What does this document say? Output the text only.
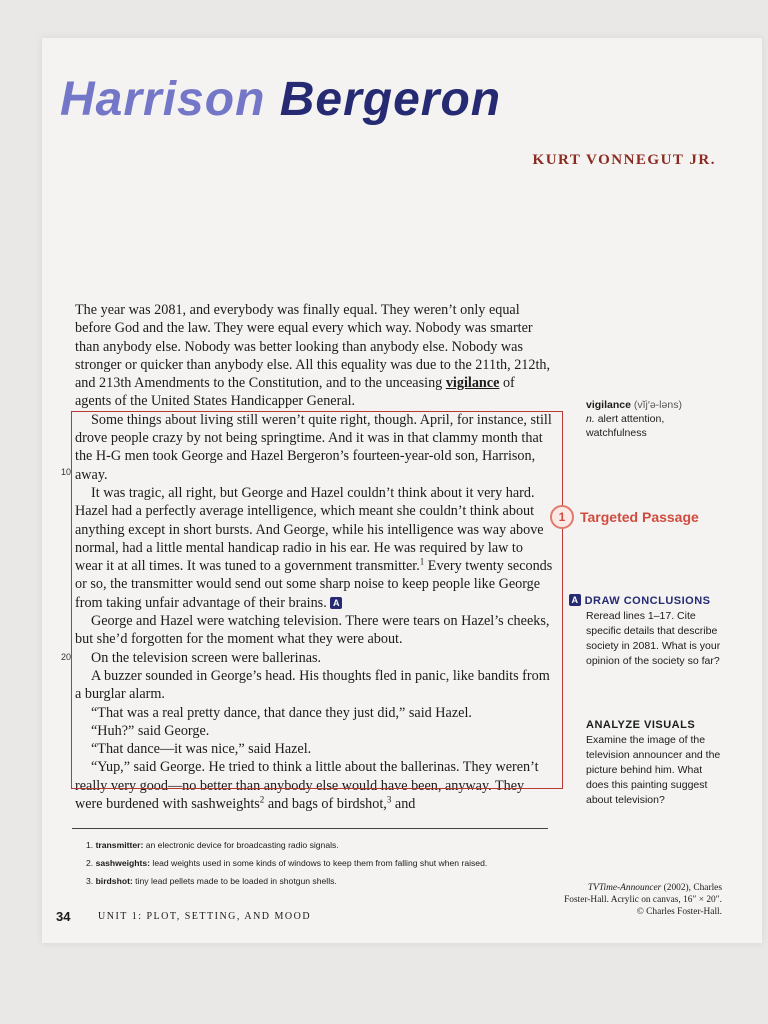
Harrison Bergeron
KURT VONNEGUT JR.

The year was 2081, and everybody was finally equal. They weren’t only equal before God and the law. They were equal every which way. Nobody was smarter than anybody else. Nobody was better looking than anybody else. Nobody was stronger or quicker than anybody else. All this equality was due to the 211th, 212th, and 213th Amendments to the Constitution, and to the unceasing vigilance of agents of the United States Handicapper General.

Some things about living still weren’t quite right, though. April, for instance, still drove people crazy by not being springtime. And it was in that clammy month that the H-G men took George and Hazel Bergeron’s fourteen-year-old son, Harrison, away.

It was tragic, all right, but George and Hazel couldn’t think about it very hard. Hazel had a perfectly average intelligence, which meant she couldn’t think about anything except in short bursts. And George, while his intelligence was way above normal, had a little mental handicap radio in his ear. He was required by law to wear it at all times. It was tuned to a government transmitter.$^1$ Every twenty seconds or so, the transmitter would send out some sharp noise to keep people like George from taking unfair advantage of their brains. A

George and Hazel were watching television. There were tears on Hazel’s cheeks, but she’d forgotten for the moment what they were about.

On the television screen were ballerinas.

A buzzer sounded in George’s head. His thoughts fled in panic, like bandits from a burglar alarm.

“That was a real pretty dance, that dance they just did,” said Hazel.

“Huh?” said George.

“That dance—it was nice,” said Hazel.

“Yup,” said George. He tried to think a little about the ballerinas. They weren’t really very good—no better than anybody else would have been, anyway. They were burdened with sashweights$^2$ and bags of birdshot,$^3$ and

10
20
vigilance (vĭj′ə-ləns)
n. alert attention, watchfulness
1	Targeted Passage
A DRAW CONCLUSIONS
Reread lines 1–17. Cite specific details that describe society in 2081. What is your opinion of the society so far?
ANALYZE VISUALS
Examine the image of the television announcer and the picture behind him. What does this painting suggest about television?
1. transmitter: an electronic device for broadcasting radio signals.
2. sashweights: lead weights used in some kinds of windows to keep them from falling shut when raised.
3. birdshot: tiny lead pellets made to be loaded in shotgun shells.
TVTime-Announcer (2002), Charles
Foster-Hall. Acrylic on canvas, 16″ × 20″.
© Charles Foster-Hall.
34	UNIT 1: PLOT, SETTING, AND MOOD
